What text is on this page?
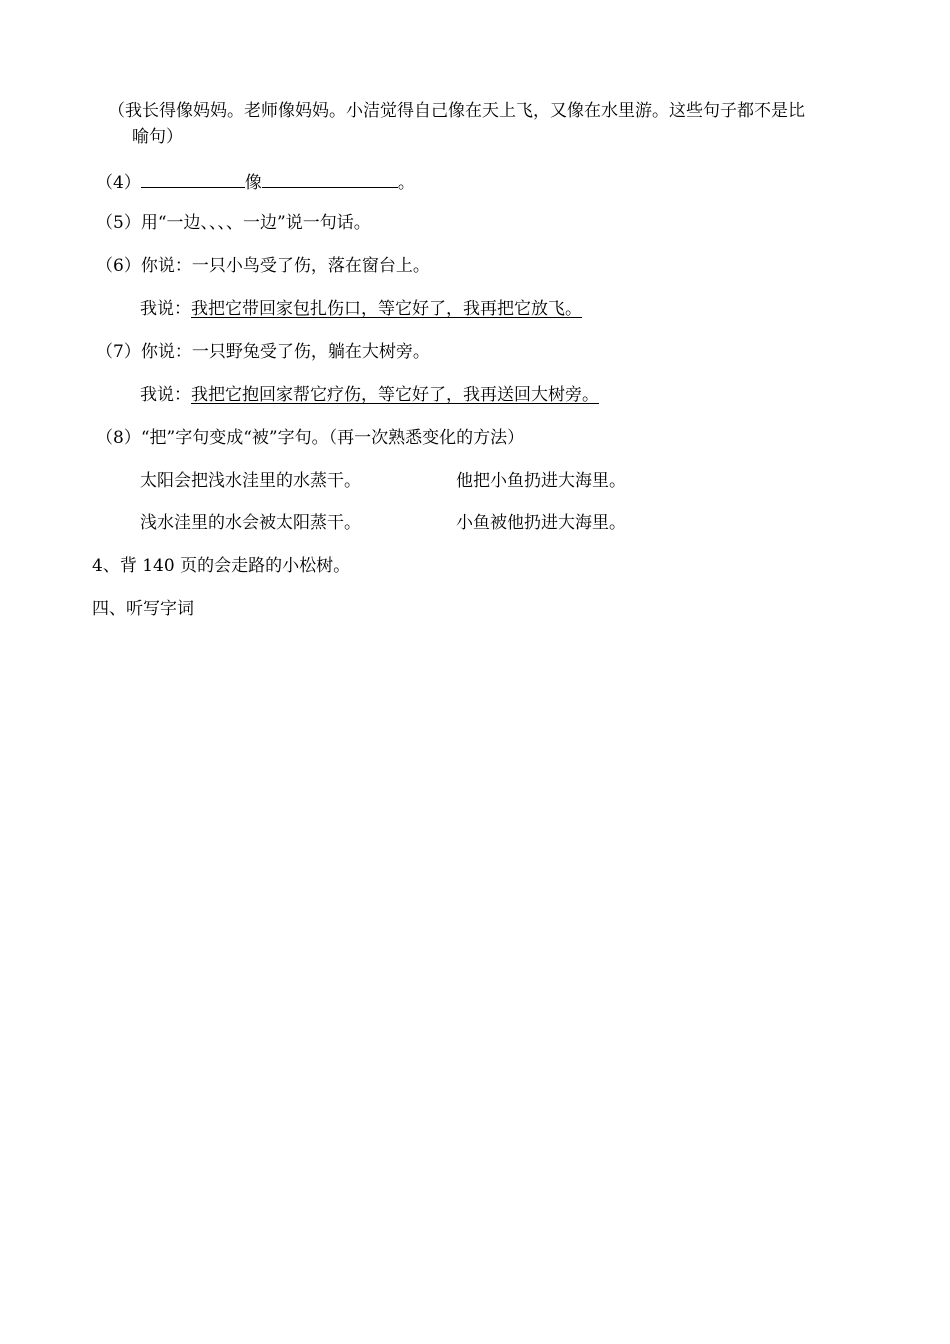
（我长得像妈妈。老师像妈妈。小洁觉得自己像在天上飞，又像在水里游。这些句子都不是比
喻句）
（4）	像	。
（5）用“一边、、、、一边”说一句话。
（6）你说：一只小鸟受了伤，落在窗台上。
我说：我把它带回家包扎伤口，等它好了，我再把它放飞。
（7）你说：一只野兔受了伤，躺在大树旁。
我说：我把它抱回家帮它疗伤，等它好了，我再送回大树旁。
（8）“把”字句变成“被”字句。（再一次熟悉变化的方法）
太阳会把浅水洼里的水蒸干。	他把小鱼扔进大海里。
浅水洼里的水会被太阳蒸干。	小鱼被他扔进大海里。
4、背 140 页的会走路的小松树。
四、听写字词
